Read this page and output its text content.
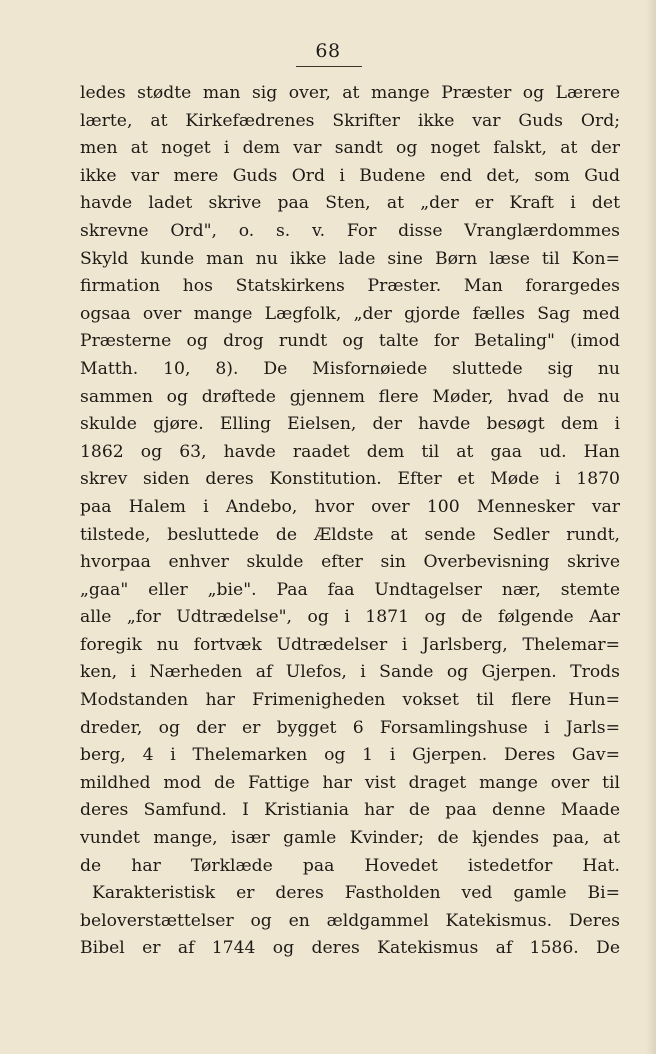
68
ledes stødte man sig over, at mange Præster og Lærere
lærte, at Kirkefædrenes Skrifter ikke var Guds Ord;
men at noget i dem var sandt og noget falskt, at der
ikke var mere Guds Ord i Budene end det, som Gud
havde ladet skrive paa Sten, at „der er Kraft i det
skrevne Ord", o. s. v. For disse Vranglærdommes
Skyld kunde man nu ikke lade sine Børn læse til Kon=
firmation hos Statskirkens Præster. Man forargedes
ogsaa over mange Lægfolk, „der gjorde fælles Sag med
Præsterne og drog rundt og talte for Betaling" (imod
Matth. 10, 8). De Misfornøiede sluttede sig nu
sammen og drøftede gjennem flere Møder, hvad de nu
skulde gjøre. Elling Eielsen, der havde besøgt dem i
1862 og 63, havde raadet dem til at gaa ud. Han
skrev siden deres Konstitution. Efter et Møde i 1870
paa Halem i Andebo, hvor over 100 Mennesker var
tilstede, besluttede de Ældste at sende Sedler rundt,
hvorpaa enhver skulde efter sin Overbevisning skrive
„gaa" eller „bie". Paa faa Undtagelser nær, stemte
alle „for Udtrædelse", og i 1871 og de følgende Aar
foregik nu fortvæk Udtrædelser i Jarlsberg, Thelemar=
ken, i Nærheden af Ulefos, i Sande og Gjerpen. Trods
Modstanden har Frimenigheden vokset til flere Hun=
dreder, og der er bygget 6 Forsamlingshuse i Jarls=
berg, 4 i Thelemarken og 1 i Gjerpen. Deres Gav=
mildhed mod de Fattige har vist draget mange over til
deres Samfund. I Kristiania har de paa denne Maade
vundet mange, især gamle Kvinder; de kjendes paa, at
de har Tørklæde paa Hovedet istedetfor Hat.
Karakteristisk er deres Fastholden ved gamle Bi=
beloverstættelser og en ældgammel Katekismus. Deres
Bibel er af 1744 og deres Katekismus af 1586. De
